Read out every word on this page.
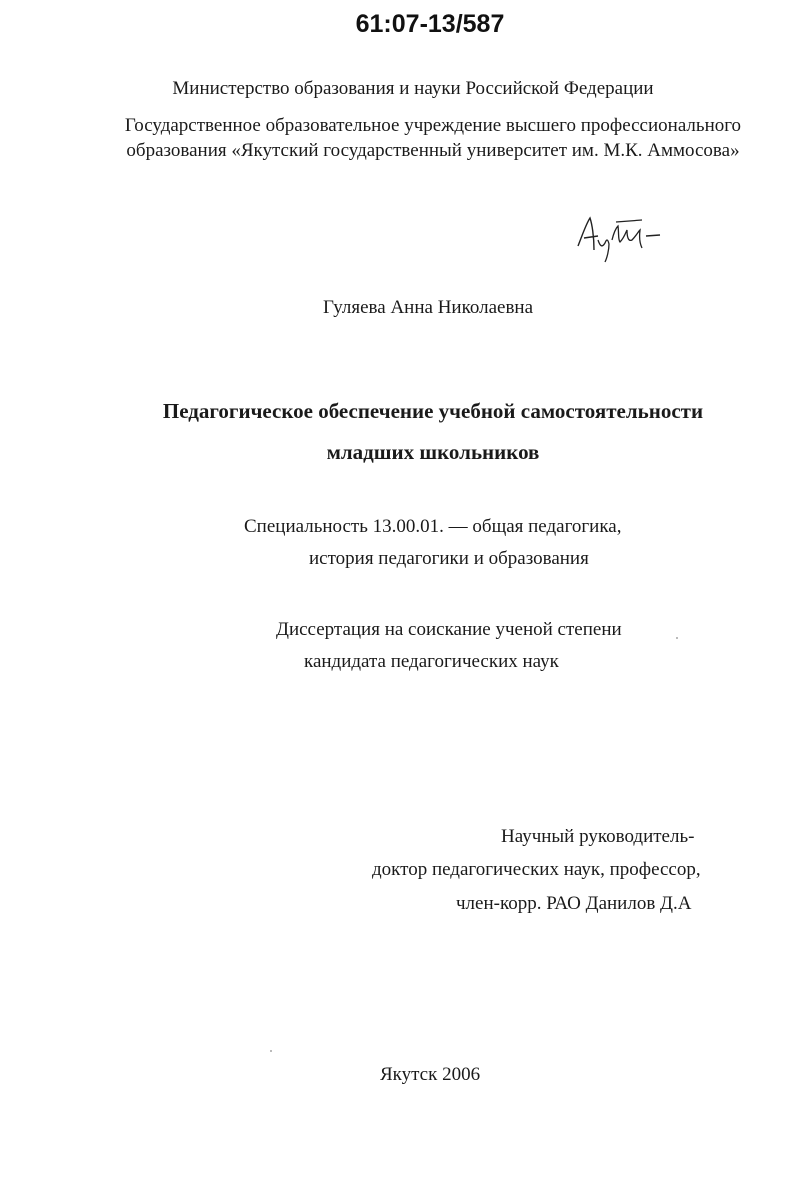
61:07-13/587
Министерство образования и науки Российской Федерации
Государственное образовательное учреждение высшего профессионального
образования «Якутский государственный университет им. М.К. Аммосова»
Гуляева Анна Николаевна
Педагогическое обеспечение учебной самостоятельности
младших школьников
Специальность 13.00.01. — общая педагогика,
история педагогики и образования
Диссертация на соискание ученой степени
кандидата педагогических наук
Научный руководитель-
доктор педагогических наук, профессор,
член-корр. РАО Данилов Д.А
Якутск 2006
